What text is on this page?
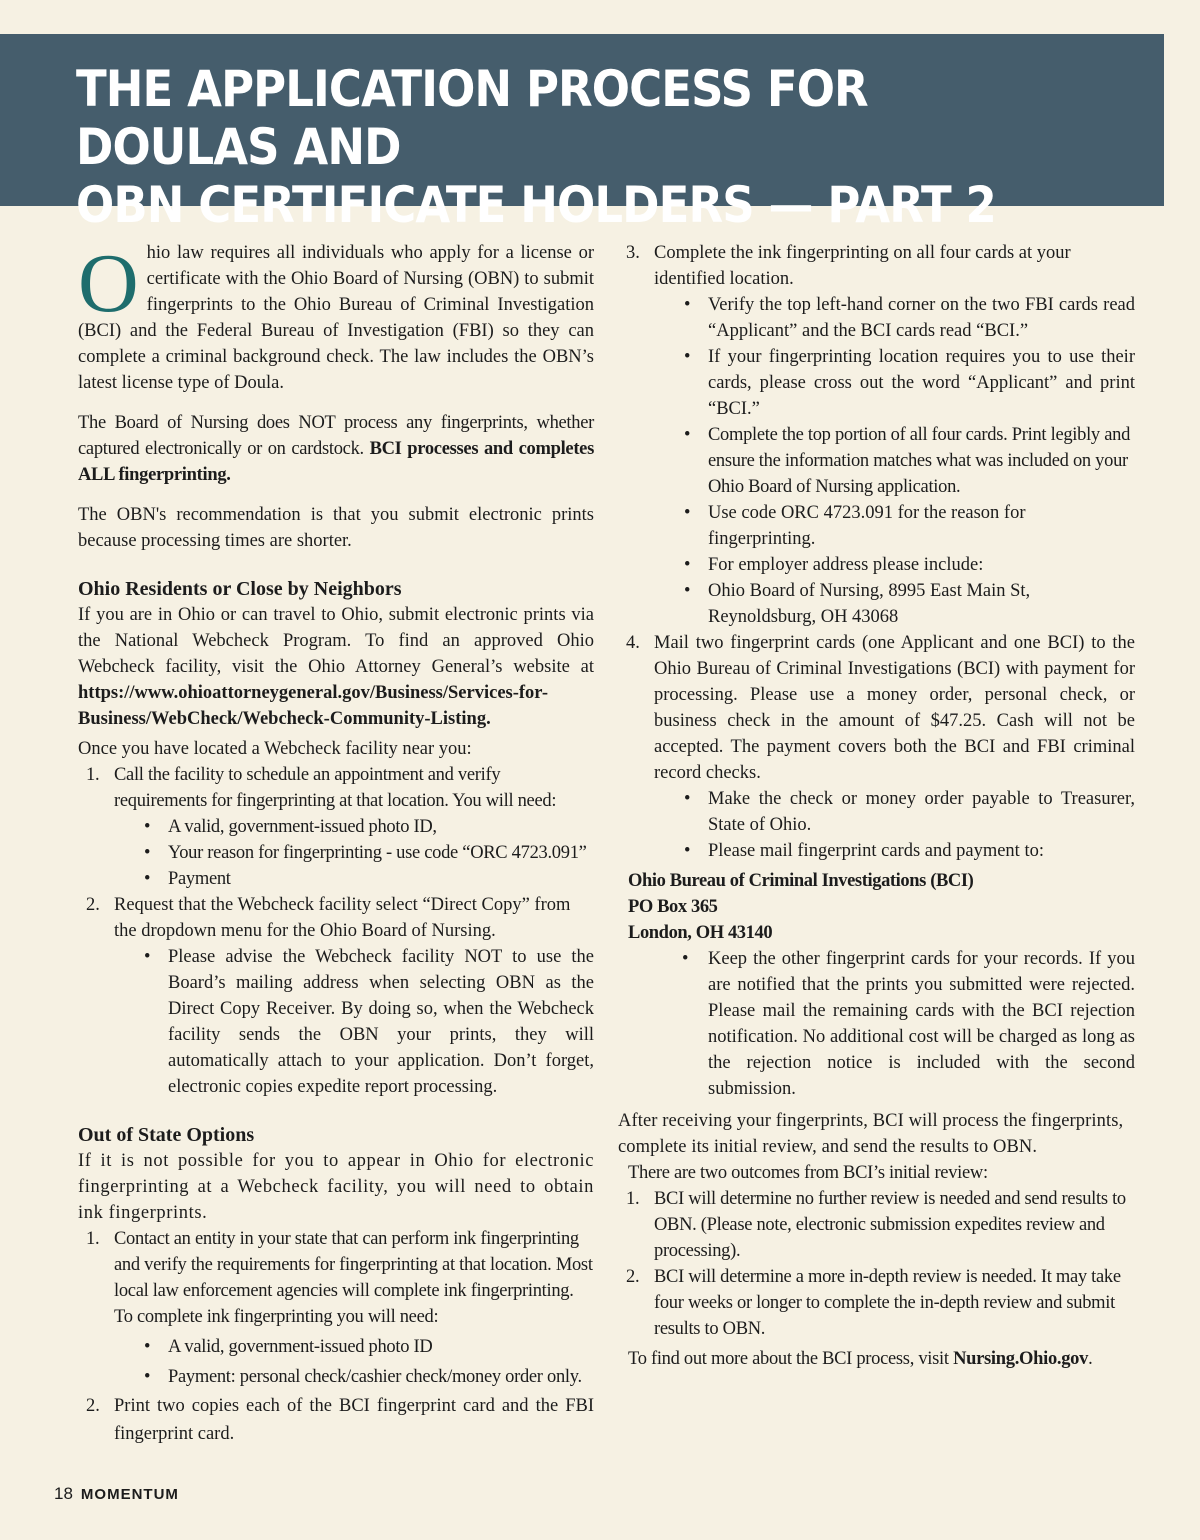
THE APPLICATION PROCESS FOR DOULAS AND
OBN CERTIFICATE HOLDERS — PART 2

Ohio law requires all individuals who apply for a license or certificate with the Ohio Board of Nursing (OBN) to submit fingerprints to the Ohio Bureau of Criminal Investigation (BCI) and the Federal Bureau of Investigation (FBI) so they can complete a criminal background check. The law includes the OBN’s latest license type of Doula.

The Board of Nursing does NOT process any fingerprints, whether captured electronically or on cardstock. BCI processes and completes ALL fingerprinting.

The OBN's recommendation is that you submit electronic prints because processing times are shorter.

Ohio Residents or Close by Neighbors

If you are in Ohio or can travel to Ohio, submit electronic prints via the National Webcheck Program. To find an approved Ohio Webcheck facility, visit the Ohio Attorney General’s website at https://www.ohioattorneygeneral.gov/Business/Services-for-Business/WebCheck/Webcheck-Community-Listing.

Once you have located a Webcheck facility near you:

1. Call the facility to schedule an appointment and verify requirements for fingerprinting at that location. You will need:
• A valid, government-issued photo ID,
• Your reason for fingerprinting - use code “ORC 4723.091”
• Payment
2. Request that the Webcheck facility select “Direct Copy” from the dropdown menu for the Ohio Board of Nursing.
• Please advise the Webcheck facility NOT to use the Board’s mailing address when selecting OBN as the Direct Copy Receiver. By doing so, when the Webcheck facility sends the OBN your prints, they will automatically attach to your application. Don’t forget, electronic copies expedite report processing.
Out of State Options

If it is not possible for you to appear in Ohio for electronic fingerprinting at a Webcheck facility, you will need to obtain ink fingerprints.

1. Contact an entity in your state that can perform ink fingerprinting and verify the requirements for fingerprinting at that location. Most local law enforcement agencies will complete ink fingerprinting. To complete ink fingerprinting you will need:
• A valid, government-issued photo ID
• Payment: personal check/cashier check/money order only.
2. Print two copies each of the BCI fingerprint card and the FBI fingerprint card.
3. Complete the ink fingerprinting on all four cards at your identified location.
• Verify the top left-hand corner on the two FBI cards read “Applicant” and the BCI cards read “BCI.”
• If your fingerprinting location requires you to use their cards, please cross out the word “Applicant” and print “BCI.”
• Complete the top portion of all four cards. Print legibly and ensure the information matches what was included on your Ohio Board of Nursing application.
• Use code ORC 4723.091 for the reason for fingerprinting.
• For employer address please include:
• Ohio Board of Nursing, 8995 East Main St, Reynoldsburg, OH 43068
4. Mail two fingerprint cards (one Applicant and one BCI) to the Ohio Bureau of Criminal Investigations (BCI) with payment for processing. Please use a money order, personal check, or business check in the amount of $47.25. Cash will not be accepted. The payment covers both the BCI and FBI criminal record checks.
• Make the check or money order payable to Treasurer, State of Ohio.
• Please mail fingerprint cards and payment to:
Ohio Bureau of Criminal Investigations (BCI)
PO Box 365
London, OH 43140
• Keep the other fingerprint cards for your records. If you are notified that the prints you submitted were rejected. Please mail the remaining cards with the BCI rejection notification. No additional cost will be charged as long as the rejection notice is included with the second submission.

After receiving your fingerprints, BCI will process the fingerprints, complete its initial review, and send the results to OBN.

There are two outcomes from BCI’s initial review:

1. BCI will determine no further review is needed and send results to OBN. (Please note, electronic submission expedites review and processing).
2. BCI will determine a more in-depth review is needed. It may take four weeks or longer to complete the in-depth review and submit results to OBN.

To find out more about the BCI process, visit Nursing.Ohio.gov.

18 MOMENTUM
